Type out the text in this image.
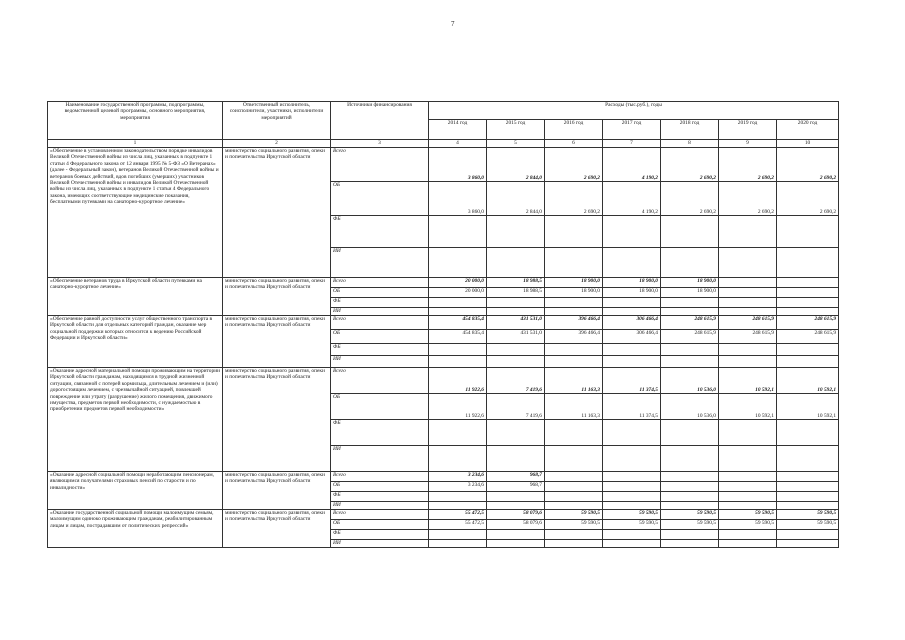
7
Наименование государственной программы, подпрограммы, ведомственной целевой программы, основного мероприятия, мероприятия	Ответственный исполнитель, соисполнители, участники, исполнители мероприятий	Источники финансирования	Расходы (тыс.руб.), годы						
			2014 год	2015 год	2016 год	2017 год	2018 год	2019 год	2020 год
1	2	3	4	5	6	7	8	9	10
«Обеспечение в установленном законодательством порядке инвалидов Великой Отечественной войны из числа лиц, указанных в подпункте 1 статьи 4 Федерального закона от 12 января 1995 № 5-ФЗ «О Ветеранах» (далее - Федеральный закон), ветеранов Великой Отечественной войны и ветеранов боевых действий, вдов погибших (умерших) участников Великой Отечественной войны и инвалидов Великой Отечественной войны из числа лиц, указанных в подпункте 1 статьи 4 Федерального закона, имеющих соответствующие медицинские показания, бесплатными путевками на санаторно-курортное лечение»	министерство социального развития, опеки и попечительства Иркутской области	Всего	3 860,0	2 844,0	2 690,2	4 190,2	2 690,2	2 690,2	2 690,2
		ОБ	3 860,0	2 844,0	2 690,2	4 190,2	2 690,2	2 690,2	2 690,2
		ФБ							
		ИИ							
«Обеспечение ветеранов труда в Иркутской области путевками на санаторно-курортное лечение»	министерство социального развития, опеки и попечительства Иркутской области	Всего	20 000,0	18 988,5	18 900,0	18 900,0	18 900,0		
		ОБ	20 000,0	18 988,5	18 900,0	18 900,0	18 900,0		
		ФБ							
		ИИ							
«Обеспечение равной доступности услуг общественного транспорта в Иркутской области для отдельных категорий граждан, оказание мер социальной поддержки которых относится к ведению Российской Федерации и Иркутской области»	министерство социального развития, опеки и попечительства Иркутской области	Всего	454 835,4	431 531,0	396 466,4	306 466,4	248 615,9	248 615,9	248 615,9
		ОБ	454 835,4	431 531,0	396 466,4	306 466,4	248 615,9	248 615,9	248 615,9
		ФБ							
		ИИ							
«Оказание адресной материальной помощи проживающим на территории Иркутской области гражданам, находящимся в трудной жизненной ситуации, связанной с потерей кормильца, длительным лечением и (или) дорогостоящим лечением, с чрезвычайной ситуацией, повлекшей повреждение или утрату (разрушение) жилого помещения, движимого имущества, предметов первой необходимости, с нуждаемостью в приобретении предметов первой необходимости»	министерство социального развития, опеки и попечительства Иркутской области	Всего	11 922,6	7 419,6	11 163,3	11 374,5	10 536,0	10 592,1	10 592,1
		ОБ	11 922,6	7 419,6	11 163,3	11 374,5	10 536,0	10 592,1	10 592,1
		ФБ							
		ИИ							
«Оказание адресной социальной помощи неработающим пенсионерам, являющимся получателями страховых пенсий по старости и по инвалидности»	министерство социального развития, опеки и попечительства Иркутской области	Всего	3 234,6	968,7					
		ОБ	3 234,6	968,7					
		ФБ							
		ИИ							
«Оказание государственной социальной помощи малоимущим семьям, малоимущим одиноко проживающим гражданам, реабилитированным лицам и лицам, пострадавшим от политических репрессий»	министерство социального развития, опеки и попечительства Иркутской области	Всего	55 472,5	58 079,6	59 590,5	59 590,5	59 590,5	59 590,5	59 590,5
		ОБ	55 472,5	58 079,6	59 590,5	59 590,5	59 590,5	59 590,5	59 590,5
		ФБ							
		ИИ							
